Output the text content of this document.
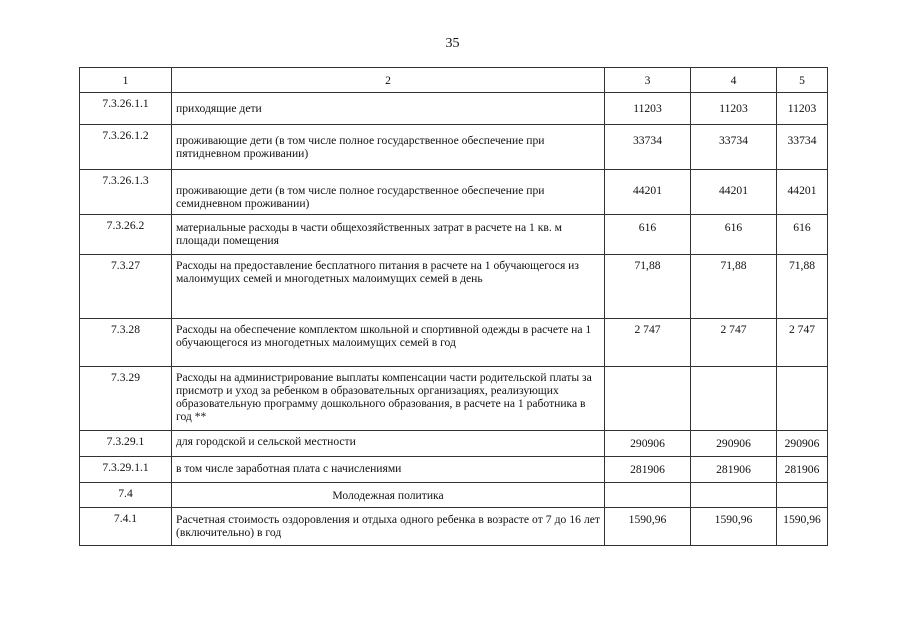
35
1	2	3	4	5
7.3.26.1.1	приходящие дети	11203	11203	11203
7.3.26.1.2	проживающие дети (в том числе полное государственное обеспечение при пятидневном проживании)	33734	33734	33734
7.3.26.1.3	проживающие дети (в том числе полное государственное обеспечение при семидневном проживании)	44201	44201	44201
7.3.26.2	материальные расходы в части общехозяйственных затрат в расчете на 1 кв. м площади помещения	616	616	616
7.3.27	Расходы на предоставление бесплатного питания в расчете на 1 обучающегося из малоимущих семей и многодетных малоимущих семей в день	71,88	71,88	71,88
7.3.28	Расходы на обеспечение комплектом школьной и спортивной одежды в расчете на 1 обучающегося из многодетных малоимущих семей в год	2 747	2 747	2 747
7.3.29	Расходы на администрирование выплаты компенсации части родительской платы за присмотр и уход за ребенком в образовательных организациях, реализующих образовательную программу дошкольного образования, в расчете на 1 работника в год **			
7.3.29.1	для городской и сельской местности	290906	290906	290906
7.3.29.1.1	в том числе заработная плата с начислениями	281906	281906	281906
7.4	Молодежная политика			
7.4.1	Расчетная стоимость оздоровления и отдыха одного ребенка в возрасте от 7 до 16 лет (включительно) в год	1590,96	1590,96	1590,96
